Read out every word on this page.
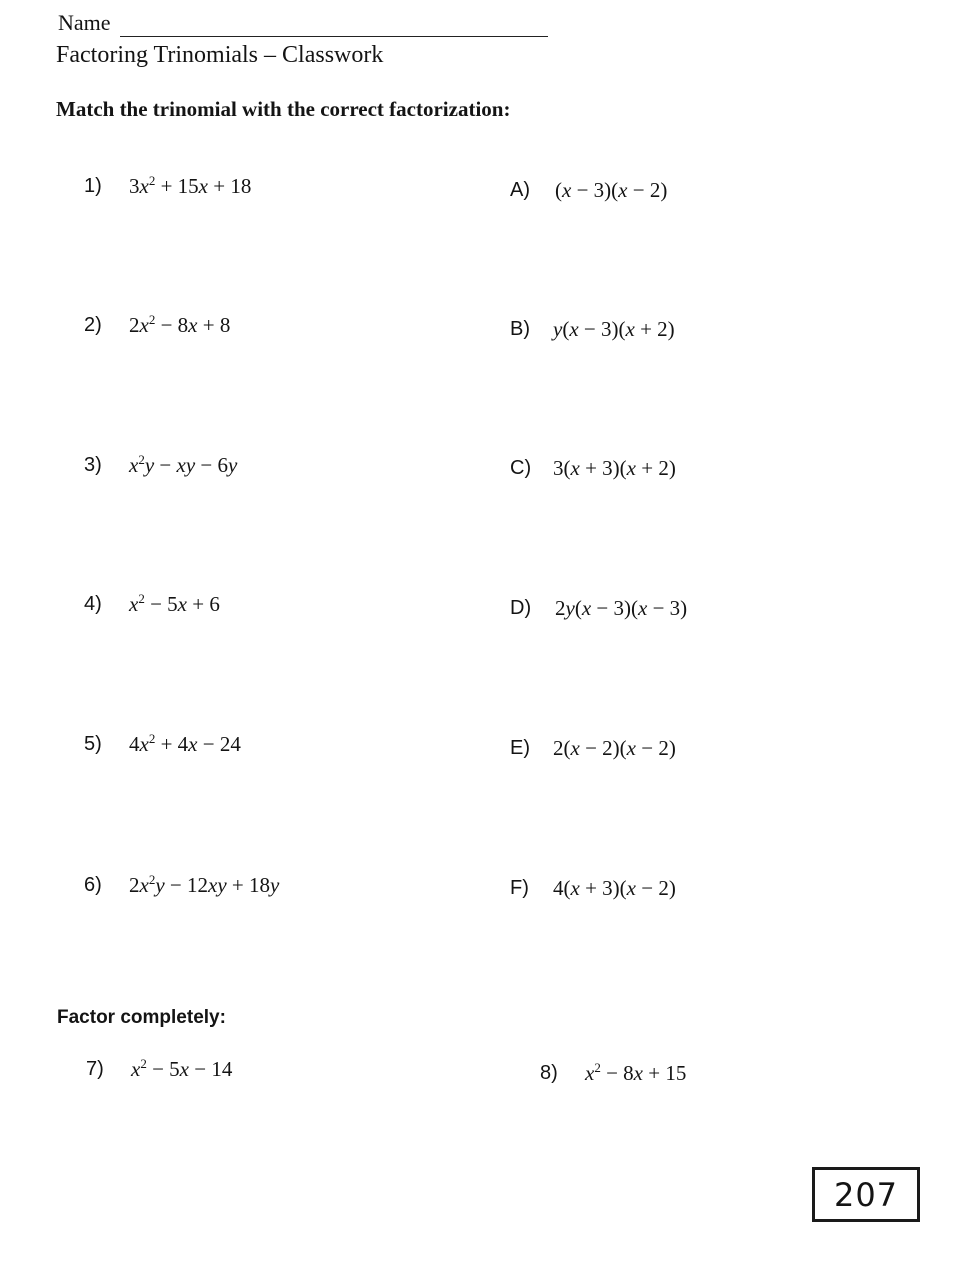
Name
Factoring Trinomials – Classwork
Match the trinomial with the correct factorization:
1) $3x^2 + 15x + 18$
2) $2x^2 - 8x + 8$
3) $x^2y$ − xy − 6y
4) $x^2 - 5x + 6$
5) $4x^2 + 4x - 24$
6) $2x^2y - 12xy + 18y$
A) (x − 3)(x − 2)
B) y(x − 3)(x + 2)
C) 3(x + 3)(x + 2)
D) 2y(x − 3)(x − 3)
E) 2(x − 2)(x − 2)
F) 4(x + 3)(x − 2)
Factor completely:
7) $x^2 - 5x - 14$	8) $x^2 - 8x + 15$
207
